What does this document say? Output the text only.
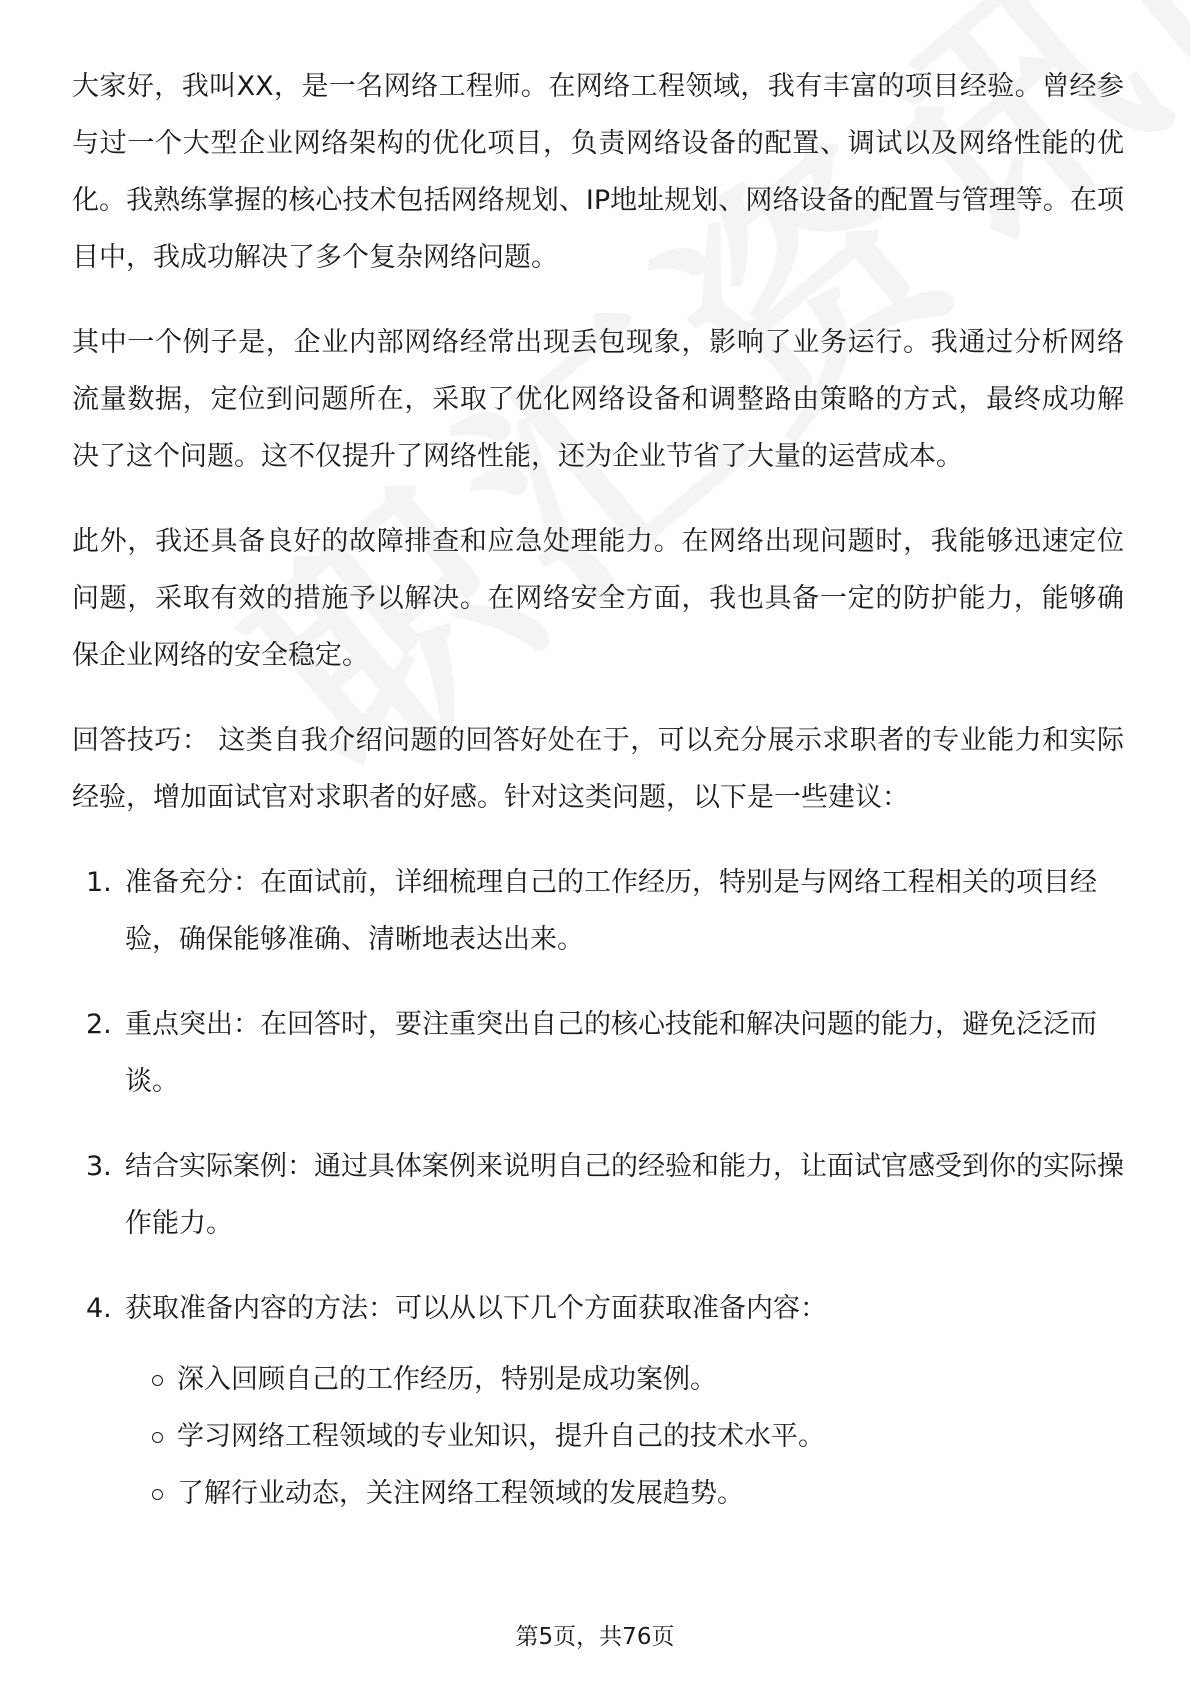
大家好，我叫XX，是一名网络工程师。在网络工程领域，我有丰富的项目经验。曾经参与过一个大型企业网络架构的优化项目，负责网络设备的配置、调试以及网络性能的优化。我熟练掌握的核心技术包括网络规划、IP地址规划、网络设备的配置与管理等。在项目中，我成功解决了多个复杂网络问题。

其中一个例子是，企业内部网络经常出现丢包现象，影响了业务运行。我通过分析网络流量数据，定位到问题所在，采取了优化网络设备和调整路由策略的方式，最终成功解决了这个问题。这不仅提升了网络性能，还为企业节省了大量的运营成本。

此外，我还具备良好的故障排查和应急处理能力。在网络出现问题时，我能够迅速定位问题，采取有效的措施予以解决。在网络安全方面，我也具备一定的防护能力，能够确保企业网络的安全稳定。

回答技巧： 这类自我介绍问题的回答好处在于，可以充分展示求职者的专业能力和实际经验，增加面试官对求职者的好感。针对这类问题，以下是一些建议：

1. 准备充分：在面试前，详细梳理自己的工作经历，特别是与网络工程相关的项目经验，确保能够准确、清晰地表达出来。
2. 重点突出：在回答时，要注重突出自己的核心技能和解决问题的能力，避免泛泛而谈。
3. 结合实际案例：通过具体案例来说明自己的经验和能力，让面试官感受到你的实际操作能力。
4. 获取准备内容的方法：可以从以下几个方面获取准备内容：
深入回顾自己的工作经历，特别是成功案例。
学习网络工程领域的专业知识，提升自己的技术水平。
了解行业动态，关注网络工程领域的发展趋势。
第5页，共76页
